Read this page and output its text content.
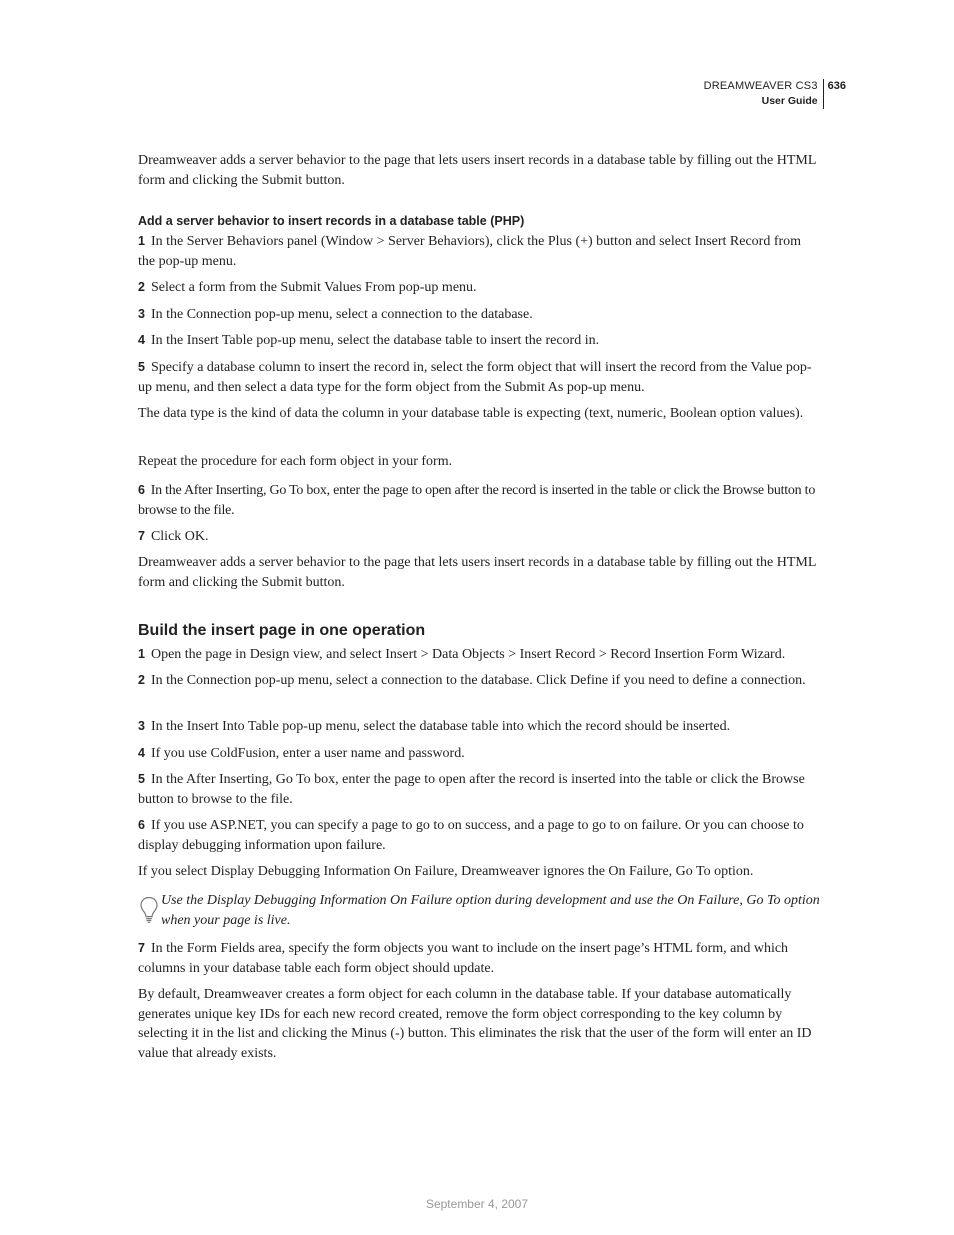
DREAMWEAVER CS3
User Guide
636

Dreamweaver adds a server behavior to the page that lets users insert records in a database table by filling out the HTML form and clicking the Submit button.

Add a server behavior to insert records in a database table (PHP)

1 In the Server Behaviors panel (Window > Server Behaviors), click the Plus (+) button and select Insert Record from the pop-up menu.

2 Select a form from the Submit Values From pop-up menu.

3 In the Connection pop-up menu, select a connection to the database.

4 In the Insert Table pop-up menu, select the database table to insert the record in.

5 Specify a database column to insert the record in, select the form object that will insert the record from the Value pop-up menu, and then select a data type for the form object from the Submit As pop-up menu.

The data type is the kind of data the column in your database table is expecting (text, numeric, Boolean option values).

Repeat the procedure for each form object in your form.

6 In the After Inserting, Go To box, enter the page to open after the record is inserted in the table or click the Browse button to browse to the file.

7 Click OK.

Dreamweaver adds a server behavior to the page that lets users insert records in a database table by filling out the HTML form and clicking the Submit button.

Build the insert page in one operation

1 Open the page in Design view, and select Insert > Data Objects > Insert Record > Record Insertion Form Wizard.

2 In the Connection pop-up menu, select a connection to the database. Click Define if you need to define a connection.

3 In the Insert Into Table pop-up menu, select the database table into which the record should be inserted.

4 If you use ColdFusion, enter a user name and password.

5 In the After Inserting, Go To box, enter the page to open after the record is inserted into the table or click the Browse button to browse to the file.

6 If you use ASP.NET, you can specify a page to go to on success, and a page to go to on failure. Or you can choose to display debugging information upon failure.

If you select Display Debugging Information On Failure, Dreamweaver ignores the On Failure, Go To option.

Use the Display Debugging Information On Failure option during development and use the On Failure, Go To option when your page is live.

7 In the Form Fields area, specify the form objects you want to include on the insert page’s HTML form, and which columns in your database table each form object should update.

By default, Dreamweaver creates a form object for each column in the database table. If your database automatically generates unique key IDs for each new record created, remove the form object corresponding to the key column by selecting it in the list and clicking the Minus (-) button. This eliminates the risk that the user of the form will enter an ID value that already exists.

September 4, 2007
